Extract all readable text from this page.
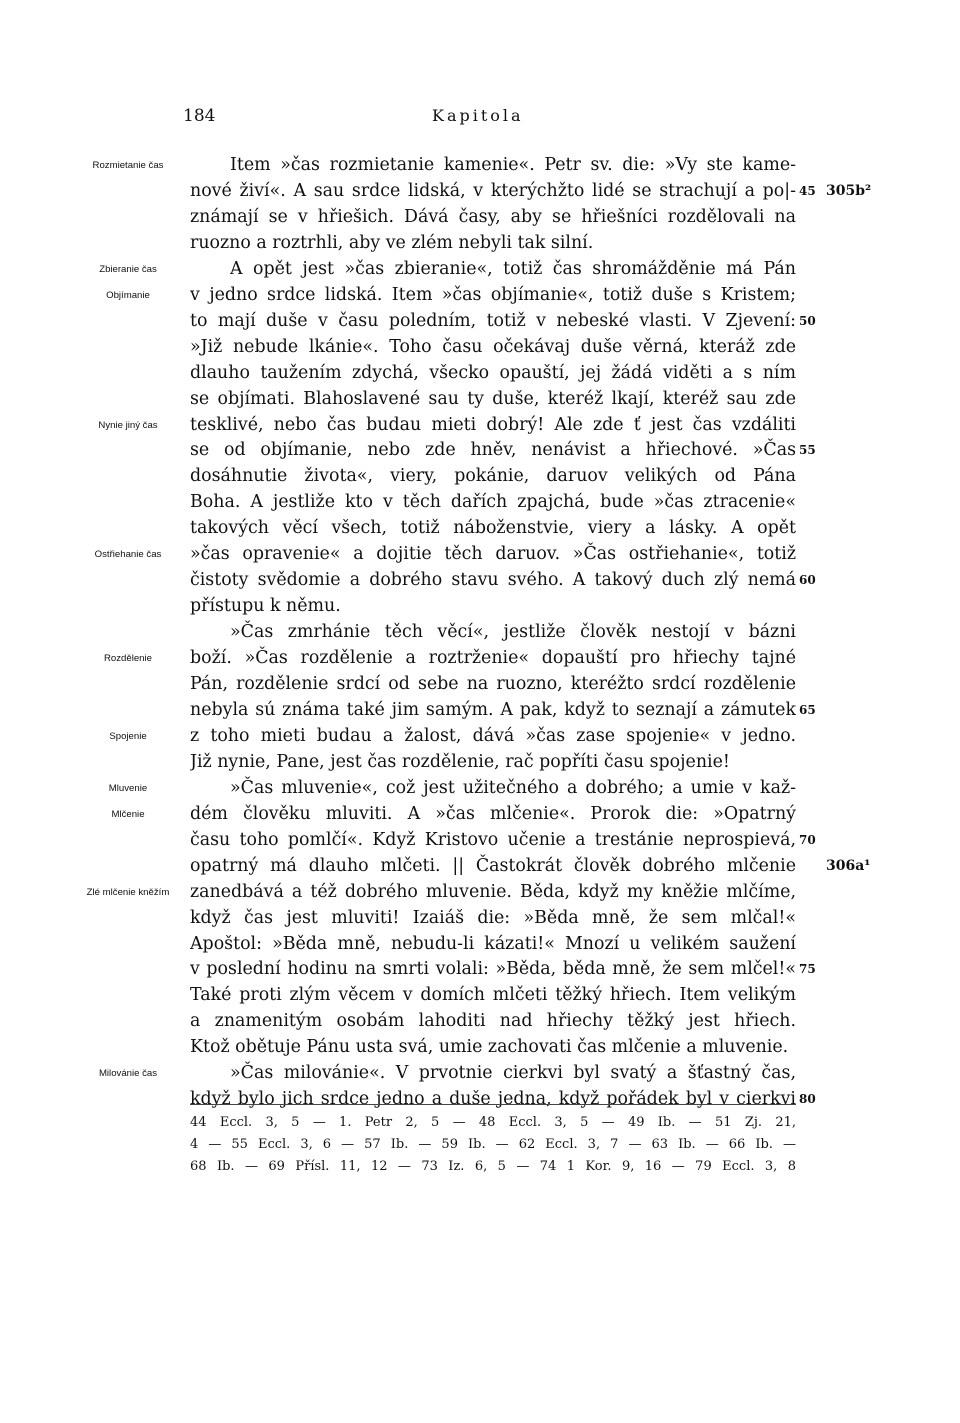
184	Kapitola
Item »čas rozmietanie kamenie«. Petr sv. die: »Vy ste kame-
nové živí«. A sau srdce lidská, v kterýchžto lidé se strachují a po|- 45 305b²
známají se v hřiešich. Dává časy, aby se hřiešníci rozdělovali na
ruozno a roztrhli, aby ve zlém nebyli tak silní.
A opět jest »čas zbieranie«, totiž čas shromážděnie má Pán
v jedno srdce lidská. Item »čas objímanie«, totiž duše s Kristem;
to mají duše v času poledním, totiž v nebeské vlasti. V Zjevení: 50
»Již nebude lkánie«. Toho času očekávaj duše věrná, kteráž zde
dlauho taužením zdychá, všecko opauští, jej žádá viděti a s ním
se objímati. Blahoslavené sau ty duše, kteréž lkají, kteréž sau zde
tesklivé, nebo čas budau mieti dobrý! Ale zde ť jest čas vzdáliti
se od objímanie, nebo zde hněv, nenávist a hřiechové. »Čas 55
dosáhnutie života«, viery, pokánie, daruov velikých od Pána
Boha. A jestliže kto v těch dařích zpajchá, bude »čas ztracenie«
takových věcí všech, totiž náboženstvie, viery a lásky. A opět
»čas opravenie« a dojitie těch daruov. »Čas ostřiehanie«, totiž
čistoty svědomie a dobrého stavu svého. A takový duch zlý nemá 60
přístupu k němu.
»Čas zmrhánie těch věcí«, jestliže člověk nestojí v bázni
boží. »Čas rozdělenie a roztrženie« dopauští pro hřiechy tajné
Pán, rozdělenie srdcí od sebe na ruozno, kteréžto srdcí rozdělenie
nebyla sú známa také jim samým. A pak, když to seznají a zámutek 65
z toho mieti budau a žalost, dává »čas zase spojenie« v jedno.
Již nynie, Pane, jest čas rozdělenie, rač popříti času spojenie!
»Čas mluvenie«, což jest užitečného a dobrého; a umie v kaž-
dém člověku mluviti. A »čas mlčenie«. Prorok die: »Opatrný
času toho pomlčí«. Když Kristovo učenie a trestánie neprospievá, 70
opatrný má dlauho mlčeti. || Častokrát člověk dobrého mlčenie 306a¹
zanedbává a též dobrého mluvenie. Běda, když my kněžie mlčíme,
když čas jest mluviti! Izaiáš die: »Běda mně, že sem mlčal!«
Apoštol: »Běda mně, nebudu-li kázati!« Mnozí u velikém saužení
v poslední hodinu na smrti volali: »Běda, běda mně, že sem mlčel!« 75
Také proti zlým věcem v domích mlčeti těžký hřiech. Item velikým
a znamenitým osobám lahoditi nad hřiechy těžký jest hřiech.
Ktož obětuje Pánu usta svá, umie zachovati čas mlčenie a mluvenie.
»Čas milovánie«. V prvotnie cierkvi byl svatý a šťastný čas,
když bylo jich srdce jedno a duše jedna, když pořádek byl v cierkvi 80
44 Eccl. 3, 5 — 1. Petr 2, 5 — 48 Eccl. 3, 5 — 49 Ib. — 51 Zj. 21,
4 — 55 Eccl. 3, 6 — 57 Ib. — 59 Ib. — 62 Eccl. 3, 7 — 63 Ib. — 66 Ib. —
68 Ib. — 69 Přísl. 11, 12 — 73 Iz. 6, 5 — 74 1 Kor. 9, 16 — 79 Eccl. 3, 8
Rozmietanie čas
Zbieranie čas
Objímanie
Nynie jiný čas
Ostřiehanie čas
Rozdělenie
Spojenie
Mluvenie
Mlčenie
Zlé mlčenie kněžím
Milovánie čas
